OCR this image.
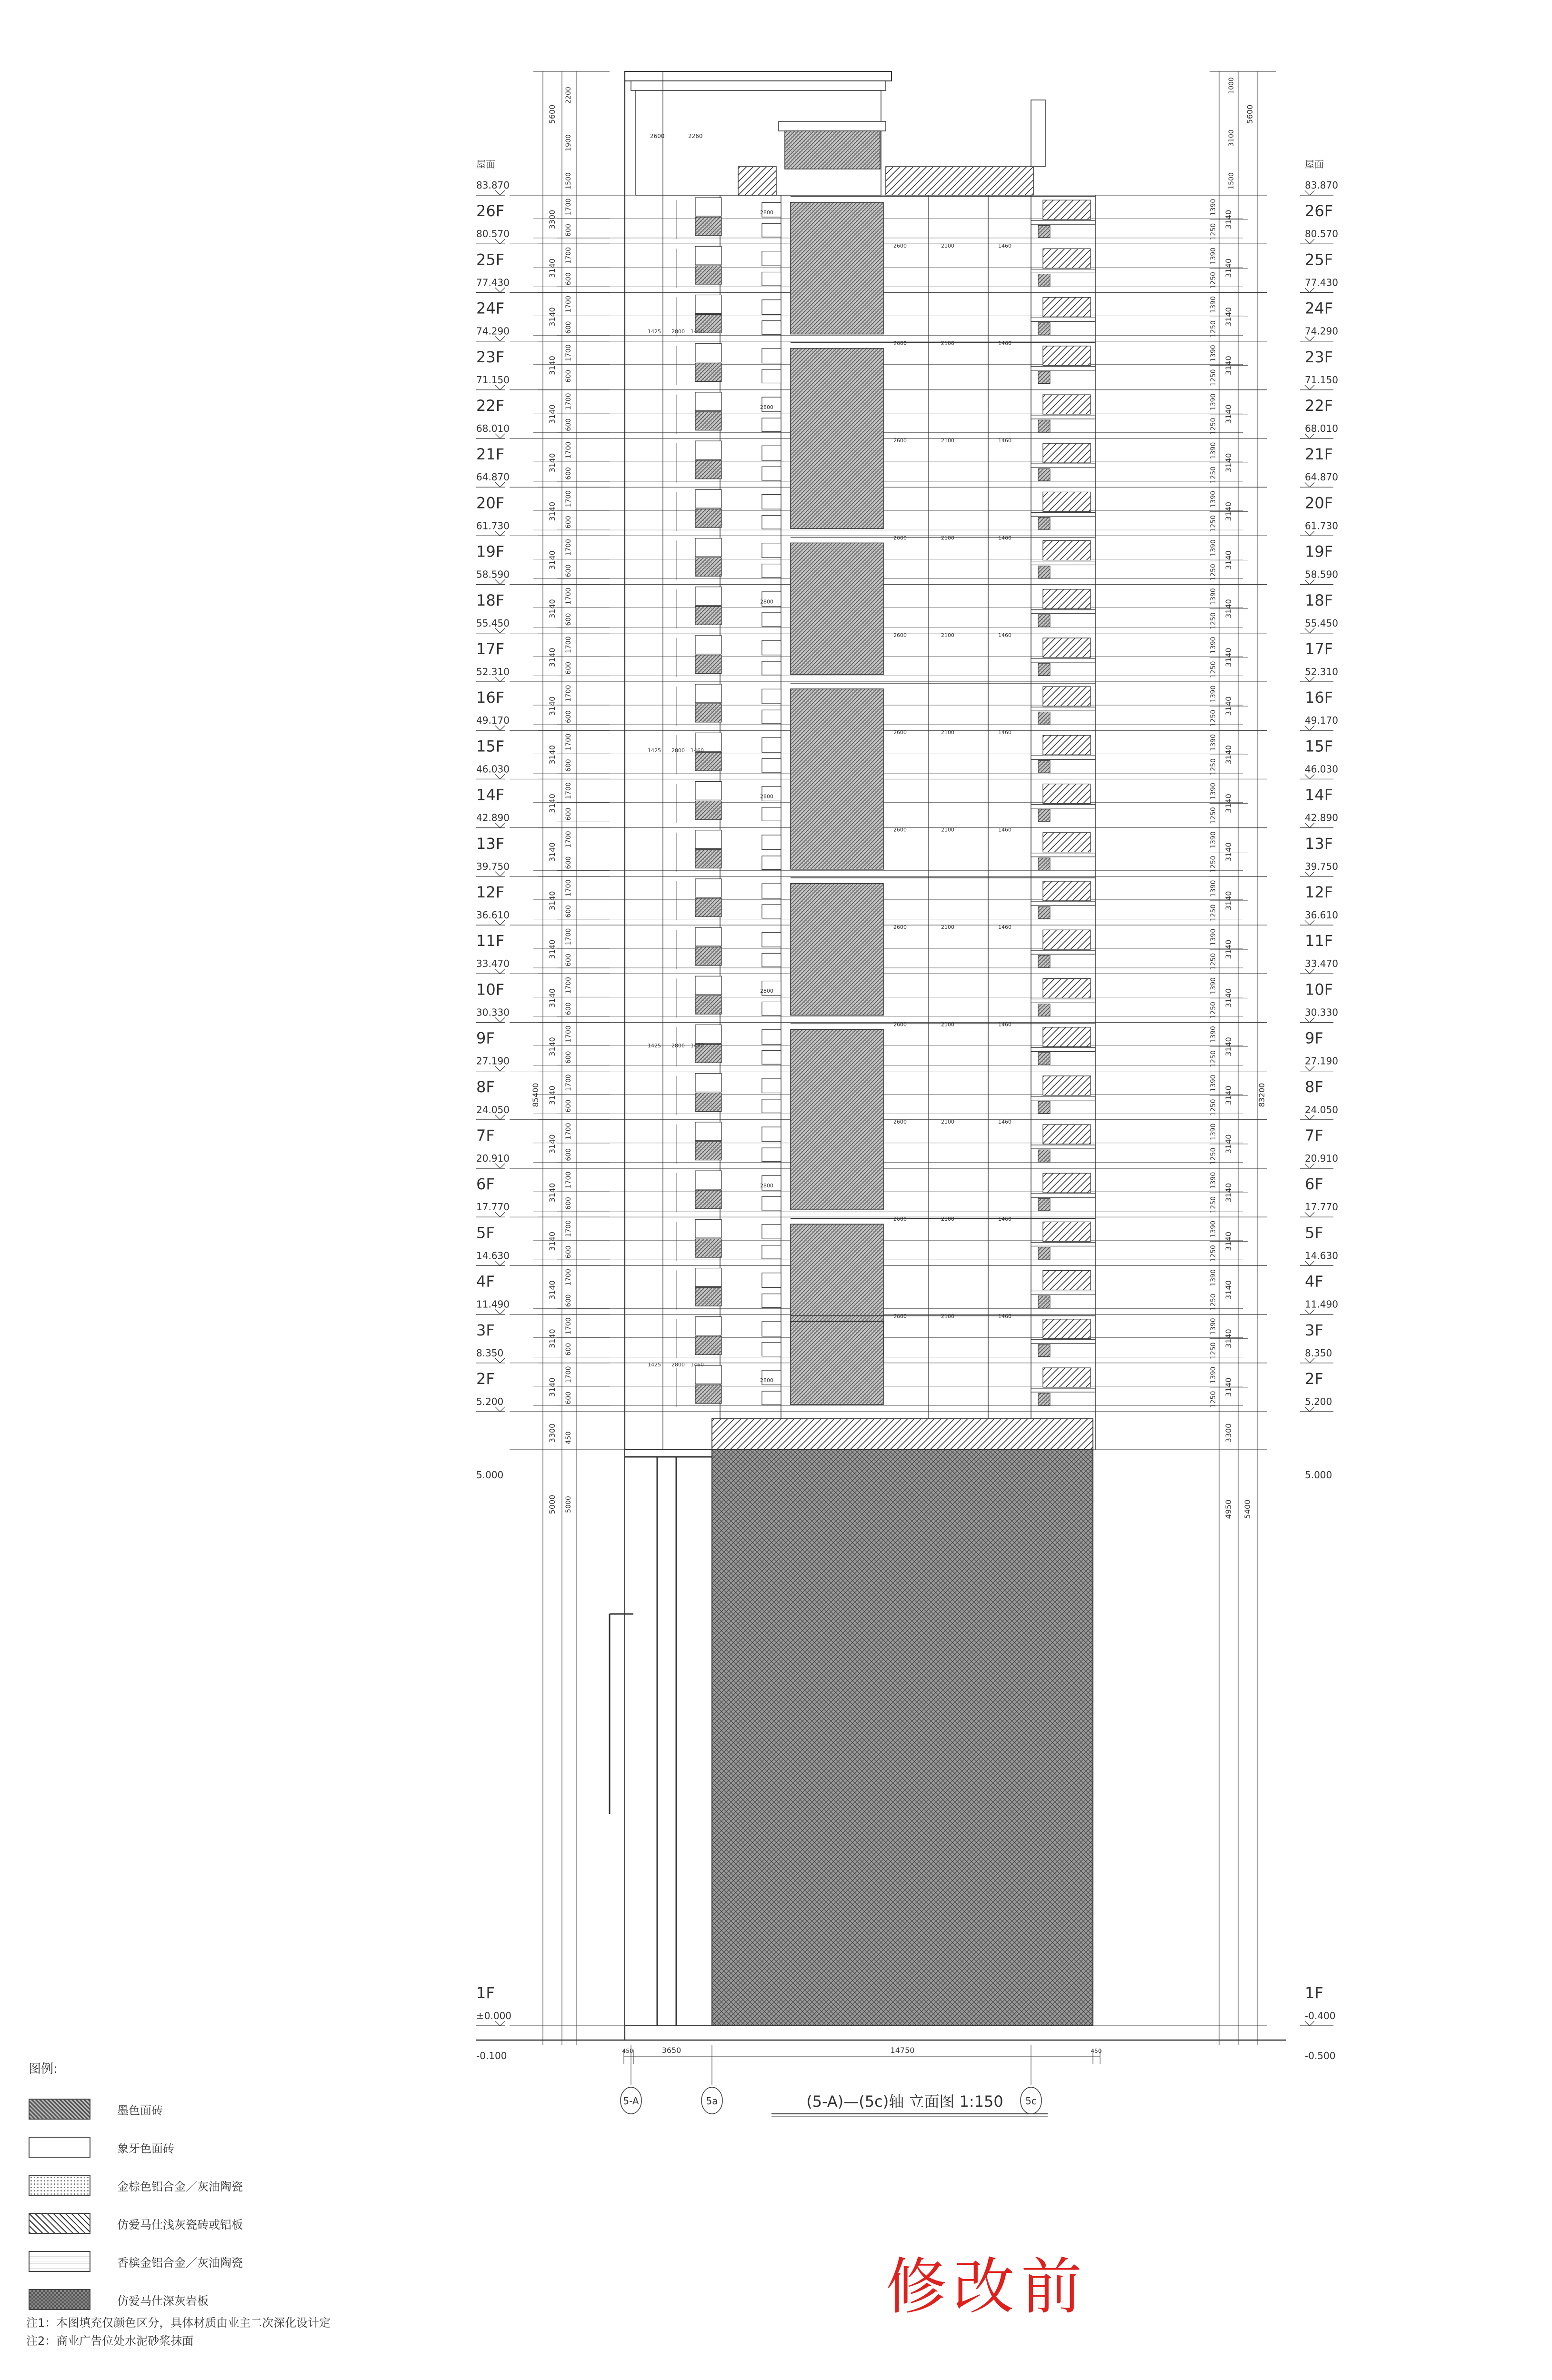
2600	2260
2600	2100	1460
2600	2100	1460
2600	2100	1460
2600	2100	1460
2600	2100	1460
2600	2100	1460
2600	2100	1460
2600	2100	1460
2600	2100	1460
2600	2100	1460
2600	2100	1460
2600	2100	1460
2800
2800
2800
2800
2800
2800
2800
1425 2800 1460
1425 2800 1460
1425 2800 1460
1425 2800 1460
3300
1700
600
3140
1700
600
3140
1700
600
3140
1700
600
3140
1700
600
3140
1700
600
3140
1700
600
3140
1700
600
3140
1700
600
3140
1700
600
3140
1700
600
3140
1700
600
3140
1700
600
3140
1700
600
3140
1700
600
3140
1700
600
3140
1700
600
3140
1700
600
3140
1700
600
3140
1700
600
3140
1700
600
3140
1700
600
3140
1700
600
3140
1700
600
3140
1700
600
5600
2200
1900
1500
85400
3300 450
5000 5000
3140
1390
1250
3140
1390
1250
3140
1390
1250
3140
1390
1250
3140
1390
1250
3140
1390
1250
3140
1390
1250
3140
1390
1250
3140
1390
1250
3140
1390
1250
3140
1390
1250
3140
1390
1250
3140
1390
1250
3140
1390
1250
3140
1390
1250
3140
1390
1250
3140
1390
1250
3140
1390
1250
3140
1390
1250
3140
1390
1250
3140
1390
1250
3140
1390
1250
3140
1390
1250
3140
1390
1250
3140
1390
1250
5600
1000
3100
1500
83200
3300
4950 5400
屋面
83.870
屋面
83.870
26F
80.570
26F
80.570
25F
77.430
25F
77.430
24F
74.290
24F
74.290
23F
71.150
23F
71.150
22F
68.010
22F
68.010
21F
64.870
21F
64.870
20F
61.730
20F
61.730
19F
58.590
19F
58.590
18F
55.450
18F
55.450
17F
52.310
17F
52.310
16F
49.170
16F
49.170
15F
46.030
15F
46.030
14F
42.890
14F
42.890
13F
39.750
13F
39.750
12F
36.610
12F
36.610
11F
33.470
11F
33.470
10F
30.330
10F
30.330
9F
27.190
9F
27.190
8F
24.050
8F
24.050
7F
20.910
7F
20.910
6F
17.770
6F
17.770
5F
14.630
5F
14.630
4F
11.490
4F
11.490
3F
8.350
3F
8.350
2F
5.200
2F
5.200
1F
±0.000
1F
-0.400
5.000	5.000
-0.100	-0.500
5-A	5a	5c
3650	14750
450	450
(5-A)—(5c)轴 立面图 1:150
图例:
墨色面砖
象牙色面砖
金棕色铝合金／灰油陶瓷
仿爱马仕浅灰瓷砖或铝板
香槟金铝合金／灰油陶瓷
仿爱马仕深灰岩板
注1：本图填充仅颜色区分，具体材质由业主二次深化设计定
注2：商业广告位处水泥砂浆抹面
修改前
